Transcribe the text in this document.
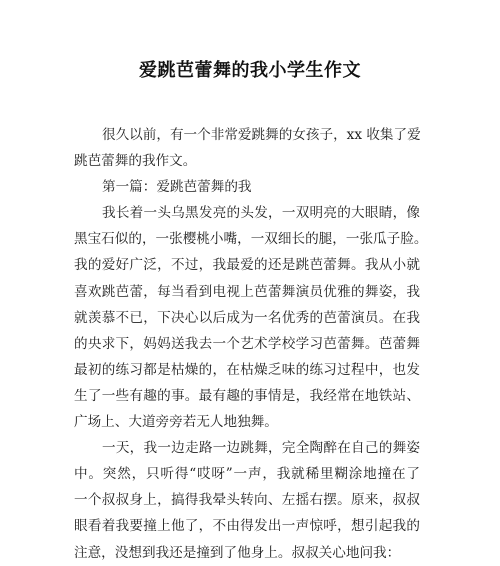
爱跳芭蕾舞的我小学生作文
很久以前，有一个非常爱跳舞的女孩子，xx 收集了爱
跳芭蕾舞的我作文。
第一篇：爱跳芭蕾舞的我
我长着一头乌黑发亮的头发，一双明亮的大眼睛，像
黑宝石似的，一张樱桃小嘴，一双细长的腿，一张瓜子脸。
我的爱好广泛，不过，我最爱的还是跳芭蕾舞。我从小就
喜欢跳芭蕾，每当看到电视上芭蕾舞演员优雅的舞姿，我
就羡慕不已，下决心以后成为一名优秀的芭蕾演员。在我
的央求下，妈妈送我去一个艺术学校学习芭蕾舞。芭蕾舞
最初的练习都是枯燥的，在枯燥乏味的练习过程中，也发
生了一些有趣的事。最有趣的事情是，我经常在地铁站、
广场上、大道旁旁若无人地独舞。
一天，我一边走路一边跳舞，完全陶醉在自己的舞姿
中。突然，只听得“哎呀”一声，我就稀里糊涂地撞在了
一个叔叔身上，搞得我晕头转向、左摇右摆。原来，叔叔
眼看着我要撞上他了，不由得发出一声惊呼，想引起我的
注意，没想到我还是撞到了他身上。叔叔关心地问我：
